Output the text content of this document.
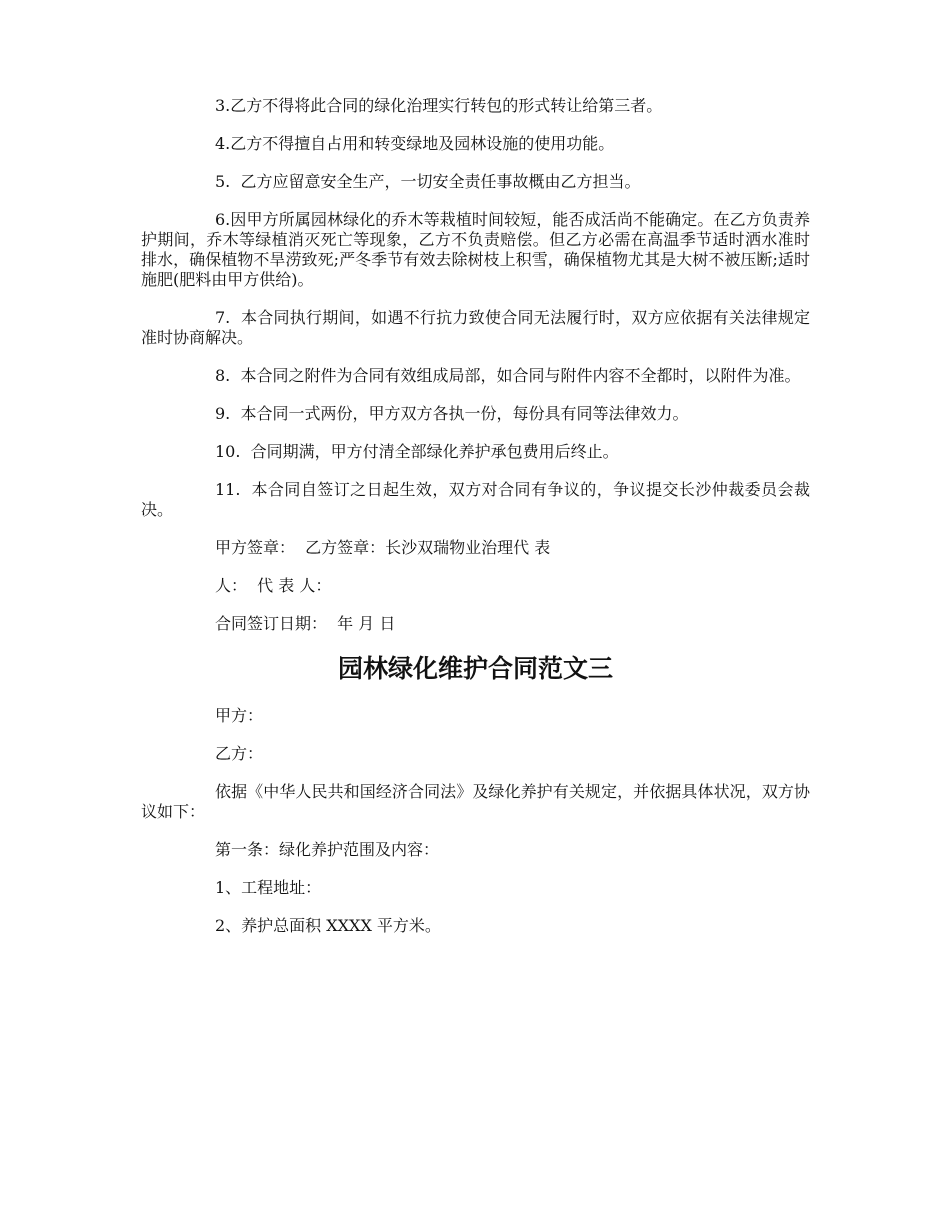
3.乙方不得将此合同的绿化治理实行转包的形式转让给第三者。

4.乙方不得擅自占用和转变绿地及园林设施的使用功能。

5.  乙方应留意安全生产，一切安全责任事故概由乙方担当。

6.因甲方所属园林绿化的乔木等栽植时间较短，能否成活尚不能确定。在乙方负责养护期间，乔木等绿植消灭死亡等现象，乙方不负责赔偿。但乙方必需在高温季节适时洒水准时排水，确保植物不旱涝致死;严冬季节有效去除树枝上积雪，确保植物尤其是大树不被压断;适时施肥(肥料由甲方供给)。

7.  本合同执行期间，如遇不行抗力致使合同无法履行时，双方应依据有关法律规定准时协商解决。

8.  本合同之附件为合同有效组成局部，如合同与附件内容不全都时，以附件为准。

9.  本合同一式两份，甲方双方各执一份，每份具有同等法律效力。

10.  合同期满，甲方付清全部绿化养护承包费用后终止。

11.  本合同自签订之日起生效，双方对合同有争议的，争议提交长沙仲裁委员会裁决。

甲方签章：  乙方签章：长沙双瑞物业治理代 表

人：  代 表 人：

合同签订日期：  年 月 日

园林绿化维护合同范文三

甲方：

乙方：

依据《中华人民共和国经济合同法》及绿化养护有关规定，并依据具体状况，双方协议如下：

第一条：绿化养护范围及内容：

1、工程地址：

2、养护总面积 XXXX 平方米。
